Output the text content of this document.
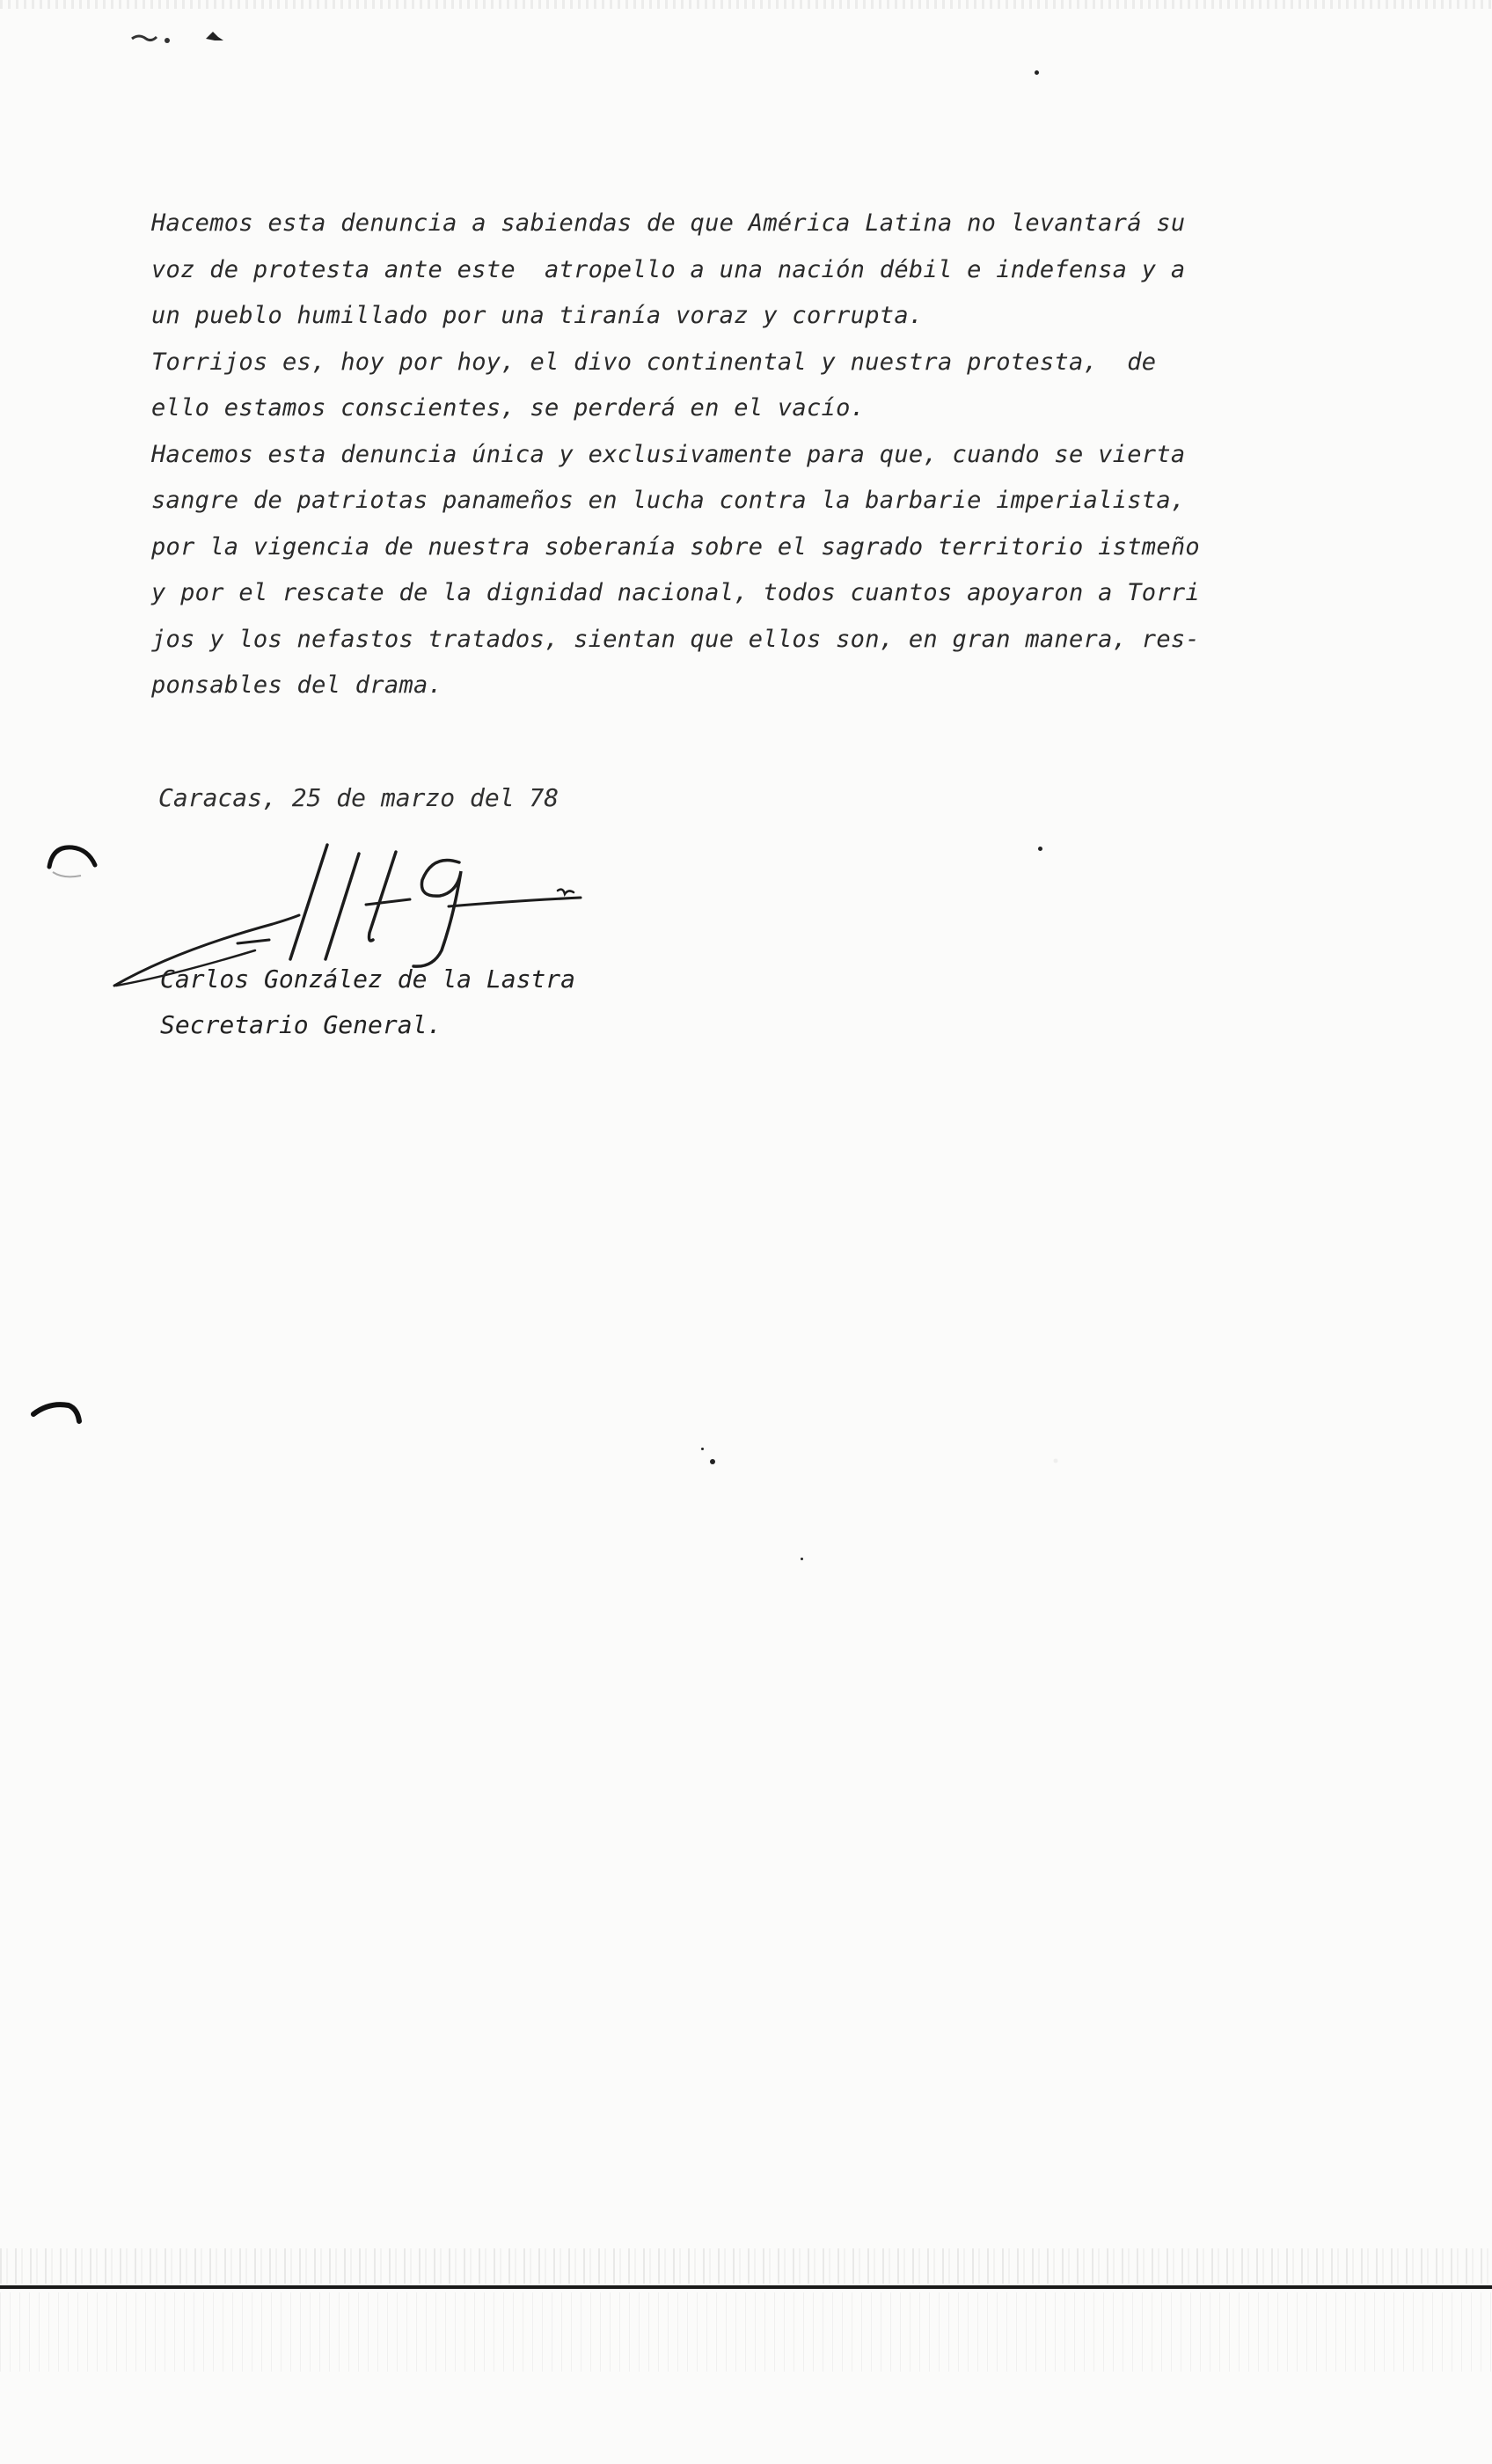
Hacemos esta denuncia a sabiendas de que América Latina no levantará su
voz de protesta ante este  atropello a una nación débil e indefensa y a
un pueblo humillado por una tiranía voraz y corrupta.
Torrijos es, hoy por hoy, el divo continental y nuestra protesta,  de
ello estamos conscientes, se perderá en el vacío.
Hacemos esta denuncia única y exclusivamente para que, cuando se vierta
sangre de patriotas panameños en lucha contra la barbarie imperialista,
por la vigencia de nuestra soberanía sobre el sagrado territorio istmeño
y por el rescate de la dignidad nacional, todos cuantos apoyaron a Torri
jos y los nefastos tratados, sientan que ellos son, en gran manera, res-
ponsables del drama.

Caracas, 25 de marzo del 78

Carlos González de la Lastra

Secretario General.
